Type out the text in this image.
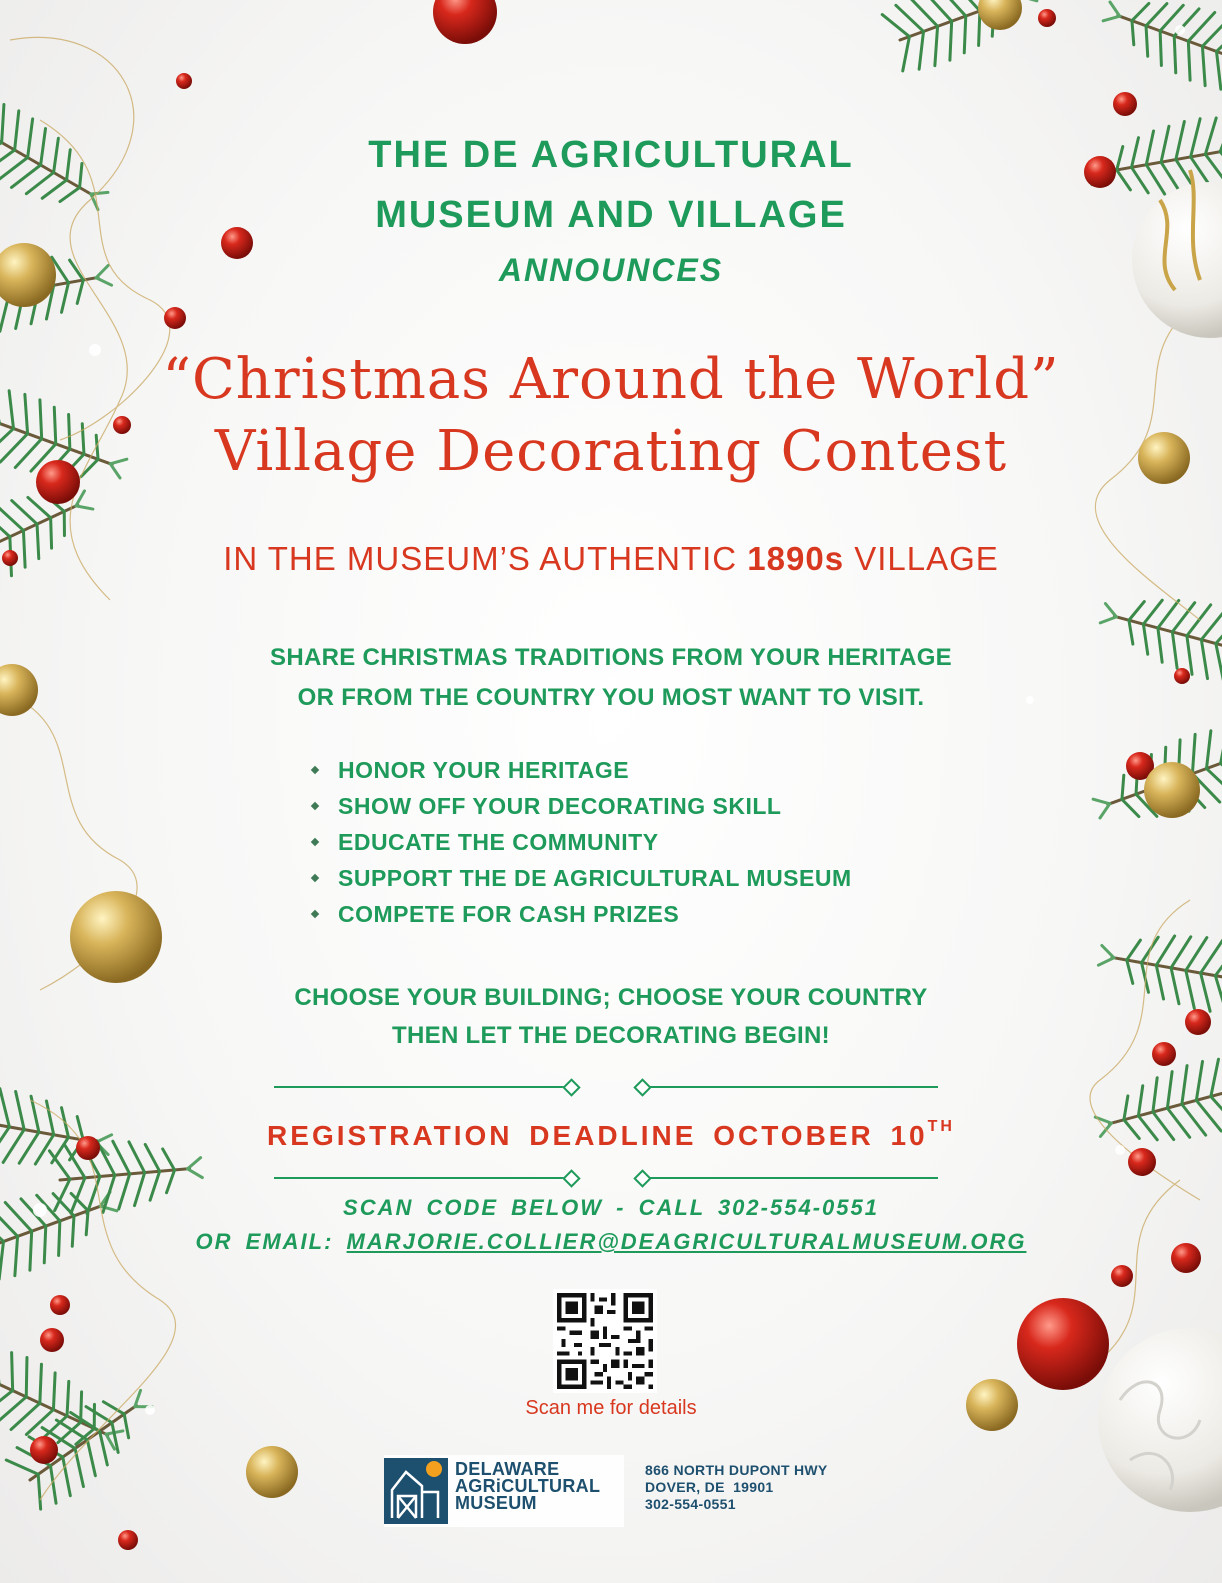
THE DE AGRICULTURAL
MUSEUM AND VILLAGE
ANNOUNCES
“Christmas Around the World”
Village Decorating Contest
IN THE MUSEUM’S AUTHENTIC 1890s VILLAGE
SHARE CHRISTMAS TRADITIONS FROM YOUR HERITAGE
OR FROM THE COUNTRY YOU MOST WANT TO VISIT.
HONOR YOUR HERITAGE
SHOW OFF YOUR DECORATING SKILL
EDUCATE THE COMMUNITY
SUPPORT THE DE AGRICULTURAL MUSEUM
COMPETE FOR CASH PRIZES
CHOOSE YOUR BUILDING; CHOOSE YOUR COUNTRY
THEN LET THE DECORATING BEGIN!
REGISTRATION DEADLINE OCTOBER 10TH
SCAN CODE BELOW - CALL 302-554-0551
OR EMAIL: MARJORIE.COLLIER@DEAGRICULTURALMUSEUM.ORG
Scan me for details
DELAWARE
AGRiCULTURAL
MUSEUM
866 NORTH DUPONT HWY
DOVER, DE  19901
302-554-0551
